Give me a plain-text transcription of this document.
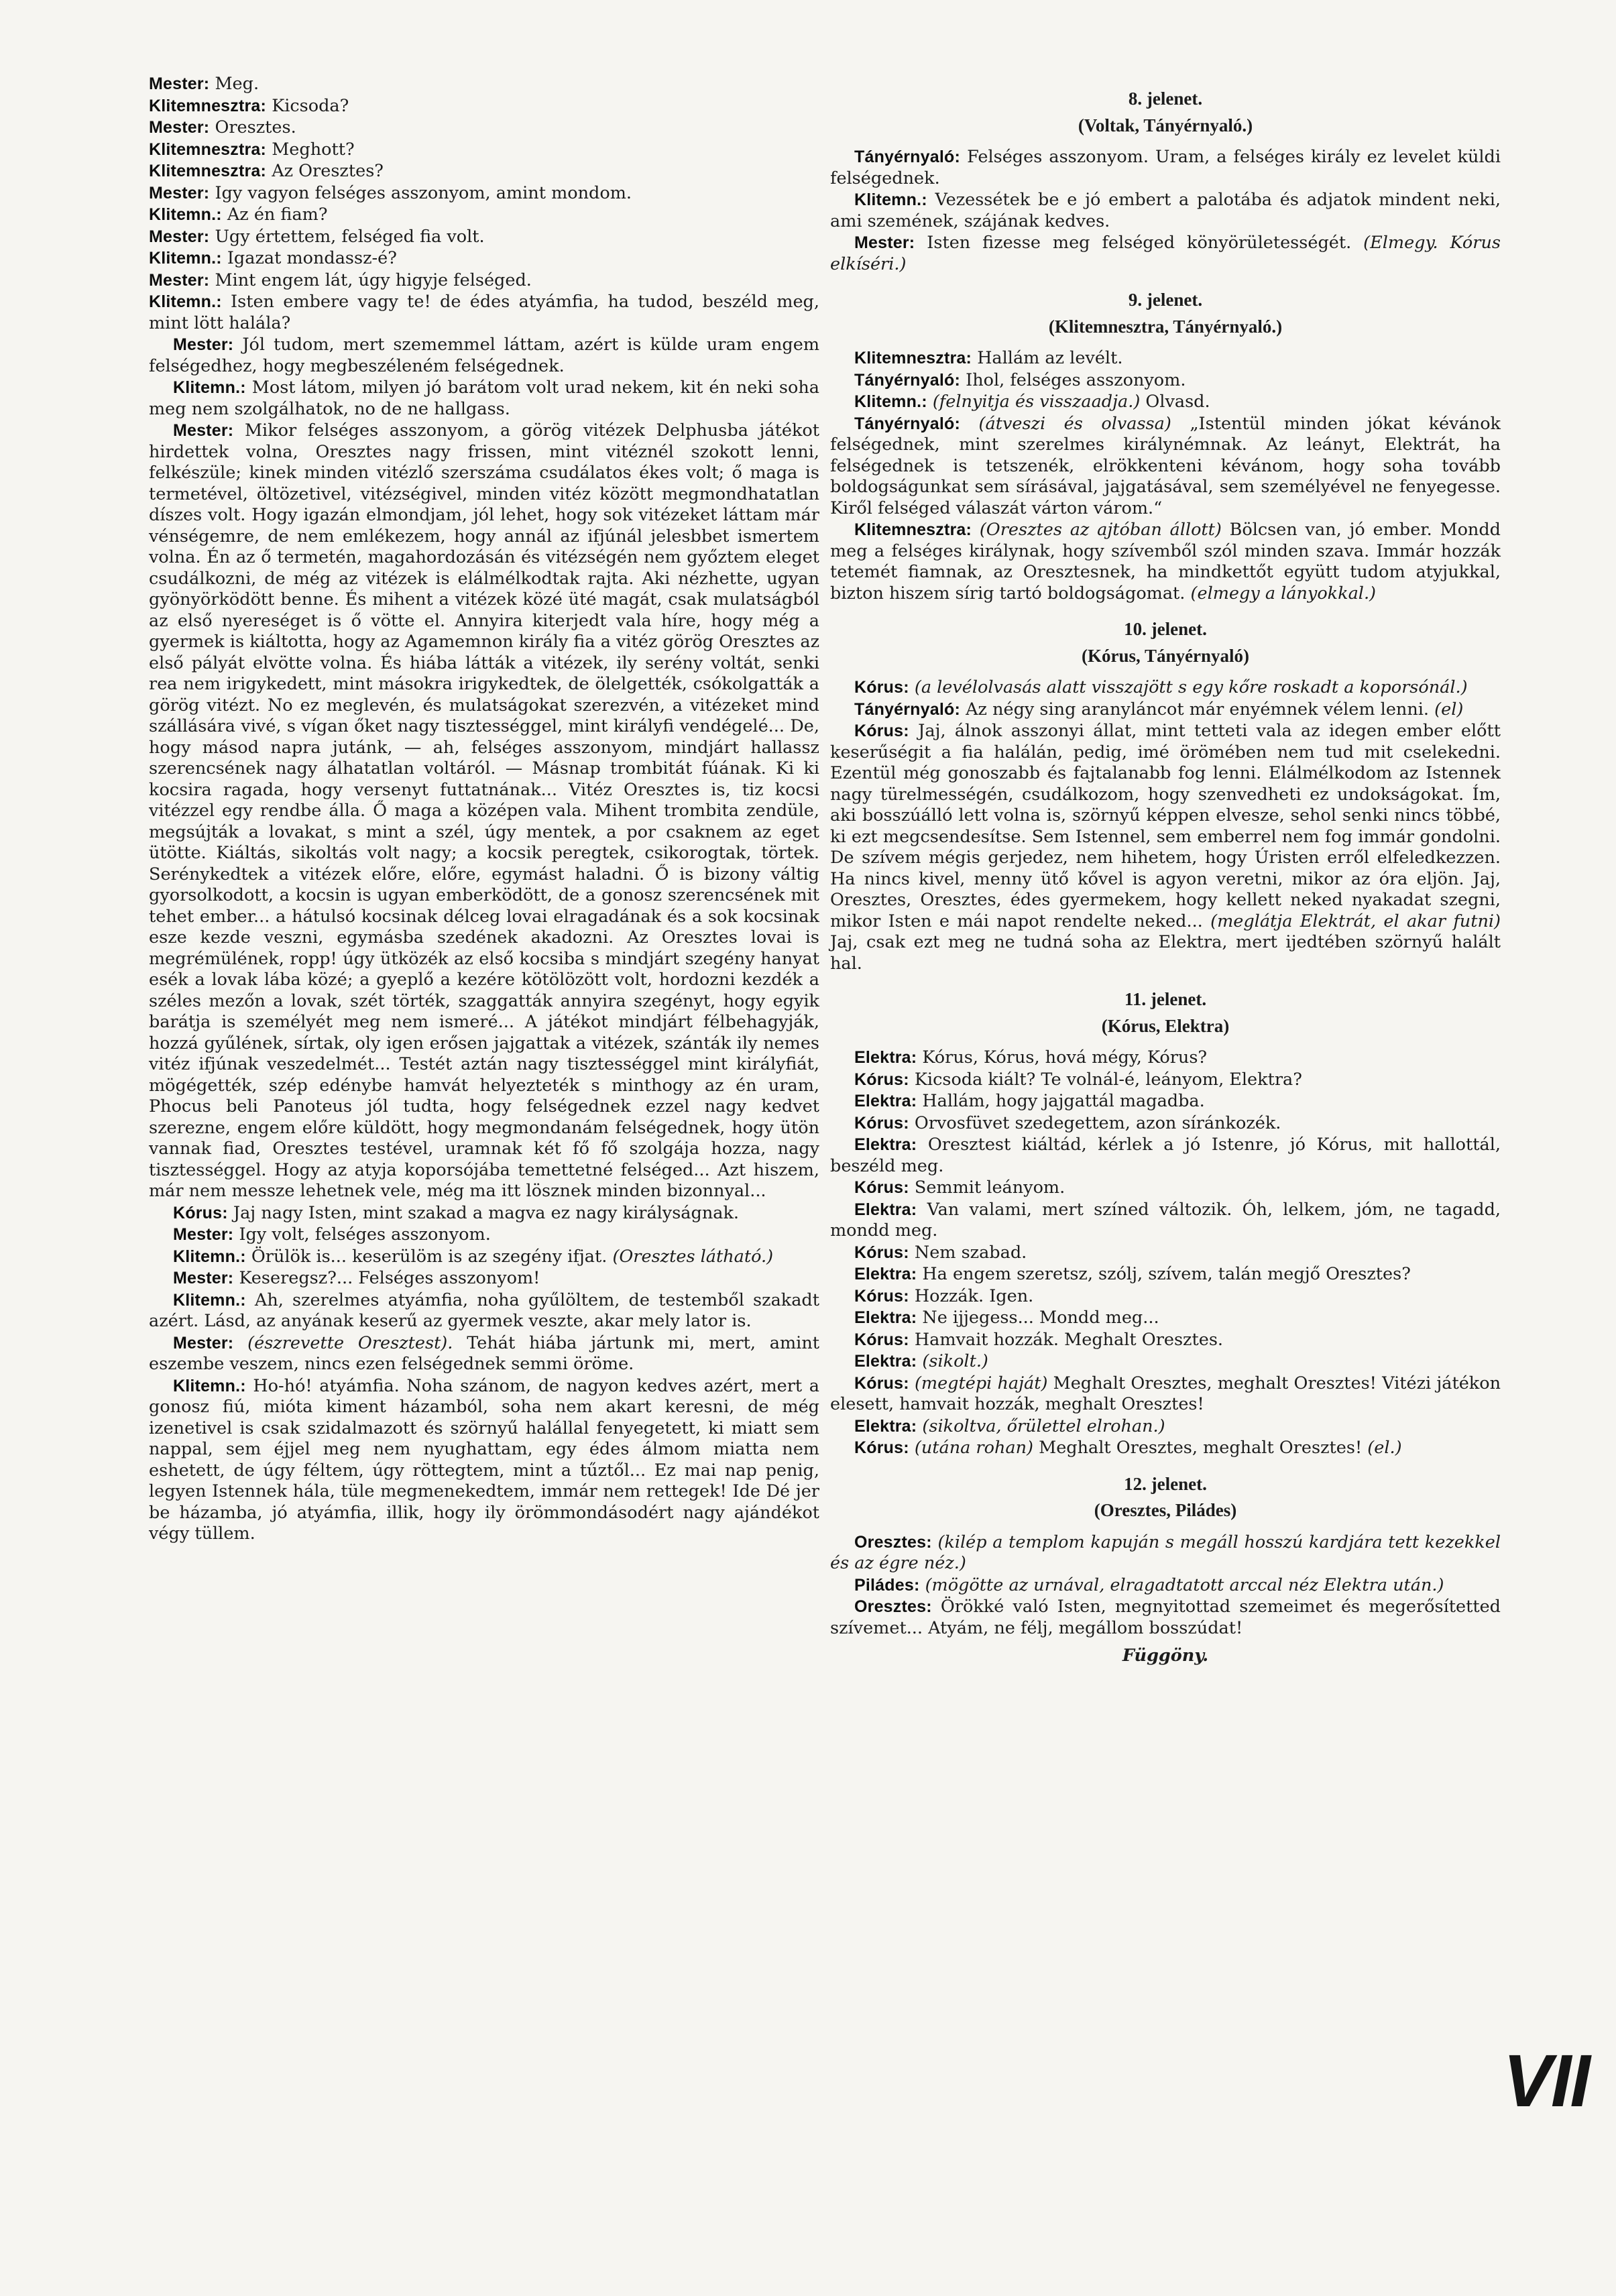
Mester: Meg.

Klitemnesztra: Kicsoda?

Mester: Oresztes.

Klitemnesztra: Meghott?

Klitemnesztra: Az Oresztes?

Mester: Igy vagyon felséges asszonyom, amint mondom.

Klitemn.: Az én fiam?

Mester: Ugy értettem, felséged fia volt.

Klitemn.: Igazat mondassz-é?

Mester: Mint engem lát, úgy higyje felséged.

Klitemn.: Isten embere vagy te! de édes atyámfia, ha tudod, beszéld meg, mint lött halála?

Mester: Jól tudom, mert szememmel láttam, azért is külde uram engem felségedhez, hogy megbeszéleném felségednek.

Klitemn.: Most látom, milyen jó barátom volt urad nekem, kit én neki soha meg nem szolgálhatok, no de ne hallgass.

Mester: Mikor felséges asszonyom, a görög vitézek Delphusba játékot hirdettek volna, Oresztes nagy frissen, mint vitéznél szokott lenni, felkészüle; kinek minden vitézlő szerszáma csudálatos ékes volt; ő maga is termetével, öltözetivel, vitézségivel, minden vitéz között megmondhatatlan díszes volt. Hogy igazán elmondjam, jól lehet, hogy sok vitézeket láttam már vénségemre, de nem emlékezem, hogy annál az ifjúnál jelesbbet ismertem volna. Én az ő termetén, magahordozásán és vitézségén nem győztem eleget csudálkozni, de még az vitézek is elálmélkodtak rajta. Aki nézhette, ugyan gyönyörködött benne. És mihent a vitézek közé üté magát, csak mulatságból az első nyereséget is ő vötte el. Annyira kiterjedt vala híre, hogy még a gyermek is kiáltotta, hogy az Agamemnon király fia a vitéz görög Oresztes az első pályát elvötte volna. És hiába látták a vitézek, ily serény voltát, senki rea nem irigykedett, mint másokra irigykedtek, de ölelgették, csókolgatták a görög vitézt. No ez meglevén, és mulatságokat szerezvén, a vitézeket mind szállására vivé, s vígan őket nagy tisztességgel, mint királyfi vendégelé... De, hogy másod napra jutánk, — ah, felséges asszonyom, mindjárt hallassz szerencsének nagy álhatatlan voltáról. — Másnap trombitát fúának. Ki ki kocsira ragada, hogy versenyt futtatnának... Vitéz Oresztes is, tiz kocsi vitézzel egy rendbe álla. Ő maga a középen vala. Mihent trombita zendüle, megsújták a lovakat, s mint a szél, úgy mentek, a por csaknem az eget ütötte. Kiáltás, sikoltás volt nagy; a kocsik peregtek, csikorogtak, törtek. Serénykedtek a vitézek előre, előre, egymást haladni. Ő is bizony váltig gyorsolkodott, a kocsin is ugyan emberködött, de a gonosz szerencsének mit tehet ember... a hátulsó kocsinak délceg lovai elragadának és a sok kocsinak esze kezde veszni, egymásba szedének akadozni. Az Oresztes lovai is megrémülének, ropp! úgy ütközék az első kocsiba s mindjárt szegény hanyat esék a lovak lába közé; a gyeplő a kezére kötölözött volt, hordozni kezdék a széles mezőn a lovak, szét törték, szaggatták annyira szegényt, hogy egyik barátja is személyét meg nem ismeré... A játékot mindjárt félbehagyják, hozzá gyűlének, sírtak, oly igen erősen jajgattak a vitézek, szánták ily nemes vitéz ifjúnak veszedelmét... Testét aztán nagy tisztességgel mint királyfiát, mögégették, szép edénybe hamvát helyezteték s minthogy az én uram, Phocus beli Panoteus jól tudta, hogy felségednek ezzel nagy kedvet szerezne, engem előre küldött, hogy megmondanám felségednek, hogy ütön vannak fiad, Oresztes testével, uramnak két fő fő szolgája hozza, nagy tisztességgel. Hogy az atyja koporsójába temettetné felséged... Azt hiszem, már nem messze lehetnek vele, még ma itt lösznek minden bizonnyal...

Kórus: Jaj nagy Isten, mint szakad a magva ez nagy királyságnak.

Mester: Igy volt, felséges asszonyom.

Klitemn.: Örülök is... keserülöm is az szegény ifjat. (Oresztes látható.)

Mester: Keseregsz?... Felséges asszonyom!

Klitemn.: Ah, szerelmes atyámfia, noha gyűlöltem, de testemből szakadt azért. Lásd, az anyának keserű az gyermek veszte, akar mely lator is.

Mester: (észrevette Oresztest). Tehát hiába jártunk mi, mert, amint eszembe veszem, nincs ezen felségednek semmi öröme.

Klitemn.: Ho-hó! atyámfia. Noha szánom, de nagyon kedves azért, mert a gonosz fiú, mióta kiment házamból, soha nem akart keresni, de még izenetivel is csak szidalmazott és szörnyű halállal fenyegetett, ki miatt sem nappal, sem éjjel meg nem nyughattam, egy édes álmom miatta nem eshetett, de úgy féltem, úgy röttegtem, mint a tűztől... Ez mai nap penig, legyen Istennek hála, tüle megmenekedtem, immár nem rettegek! Ide Dé jer be házamba, jó atyámfia, illik, hogy ily örömmondásodért nagy ajándékot végy tüllem.

8. jelenet.
(Voltak, Tányérnyaló.)

Tányérnyaló: Felséges asszonyom. Uram, a felséges király ez levelet küldi felségednek.

Klitemn.: Vezessétek be e jó embert a palotába és adjatok mindent neki, ami szemének, szájának kedves.

Mester: Isten fizesse meg felséged könyörületességét. (Elmegy. Kórus elkíséri.)

9. jelenet.
(Klitemnesztra, Tányérnyaló.)

Klitemnesztra: Hallám az levélt.

Tányérnyaló: Ihol, felséges asszonyom.

Klitemn.: (felnyitja és visszaadja.) Olvasd.

Tányérnyaló: (átveszi és olvassa) „Istentül minden jókat kévánok felségednek, mint szerelmes királynémnak. Az leányt, Elektrát, ha felségednek is tetszenék, elrökkenteni kévánom, hogy soha tovább boldogságunkat sem sírásával, jajgatásával, sem személyével ne fenyegesse. Kiről felséged válaszát várton várom.“

Klitemnesztra: (Oresztes az ajtóban állott) Bölcsen van, jó ember. Mondd meg a felséges királynak, hogy szívemből szól minden szava. Immár hozzák tetemét fiamnak, az Oresztesnek, ha mindkettőt együtt tudom atyjukkal, bizton hiszem sírig tartó boldogságomat. (elmegy a lányokkal.)

10. jelenet.
(Kórus, Tányérnyaló)

Kórus: (a levélolvasás alatt visszajött s egy kőre roskadt a koporsónál.)

Tányérnyaló: Az négy sing aranyláncot már enyémnek vélem lenni. (el)

Kórus: Jaj, álnok asszonyi állat, mint tetteti vala az idegen ember előtt keserűségit a fia halálán, pedig, imé örömében nem tud mit cselekedni. Ezentül még gonoszabb és fajtalanabb fog lenni. Elálmélkodom az Istennek nagy türelmességén, csudálkozom, hogy szenvedheti ez undokságokat. Ím, aki bosszúálló lett volna is, szörnyű képpen elvesze, sehol senki nincs többé, ki ezt megcsendesítse. Sem Istennel, sem emberrel nem fog immár gondolni. De szívem mégis gerjedez, nem hihetem, hogy Úristen erről elfeledkezzen. Ha nincs kivel, menny ütő kővel is agyon veretni, mikor az óra eljön. Jaj, Oresztes, Oresztes, édes gyermekem, hogy kellett neked nyakadat szegni, mikor Isten e mái napot rendelte neked... (meglátja Elektrát, el akar futni) Jaj, csak ezt meg ne tudná soha az Elektra, mert ijedtében szörnyű halált hal.

11. jelenet.
(Kórus, Elektra)

Elektra: Kórus, Kórus, hová mégy, Kórus?

Kórus: Kicsoda kiált? Te volnál-é, leányom, Elektra?

Elektra: Hallám, hogy jajgattál magadba.

Kórus: Orvosfüvet szedegettem, azon síránkozék.

Elektra: Oresztest kiáltád, kérlek a jó Istenre, jó Kórus, mit hallottál, beszéld meg.

Kórus: Semmit leányom.

Elektra: Van valami, mert színed változik. Óh, lelkem, jóm, ne tagadd, mondd meg.

Kórus: Nem szabad.

Elektra: Ha engem szeretsz, szólj, szívem, talán megjő Oresztes?

Kórus: Hozzák. Igen.

Elektra: Ne ijjegess... Mondd meg...

Kórus: Hamvait hozzák. Meghalt Oresztes.

Elektra: (sikolt.)

Kórus: (megtépi haját) Meghalt Oresztes, meghalt Oresztes! Vitézi játékon elesett, hamvait hozzák, meghalt Oresztes!

Elektra: (sikoltva, őrülettel elrohan.)

Kórus: (utána rohan) Meghalt Oresztes, meghalt Oresztes! (el.)

12. jelenet.
(Oresztes, Piládes)

Oresztes: (kilép a templom kapuján s megáll hosszú kardjára tett kezekkel és az égre néz.)

Piládes: (mögötte az urnával, elragadtatott arccal néz Elektra után.)

Oresztes: Örökké való Isten, megnyitottad szemeimet és megerősítetted szívemet... Atyám, ne félj, megállom bosszúdat!

Függöny.
VII
